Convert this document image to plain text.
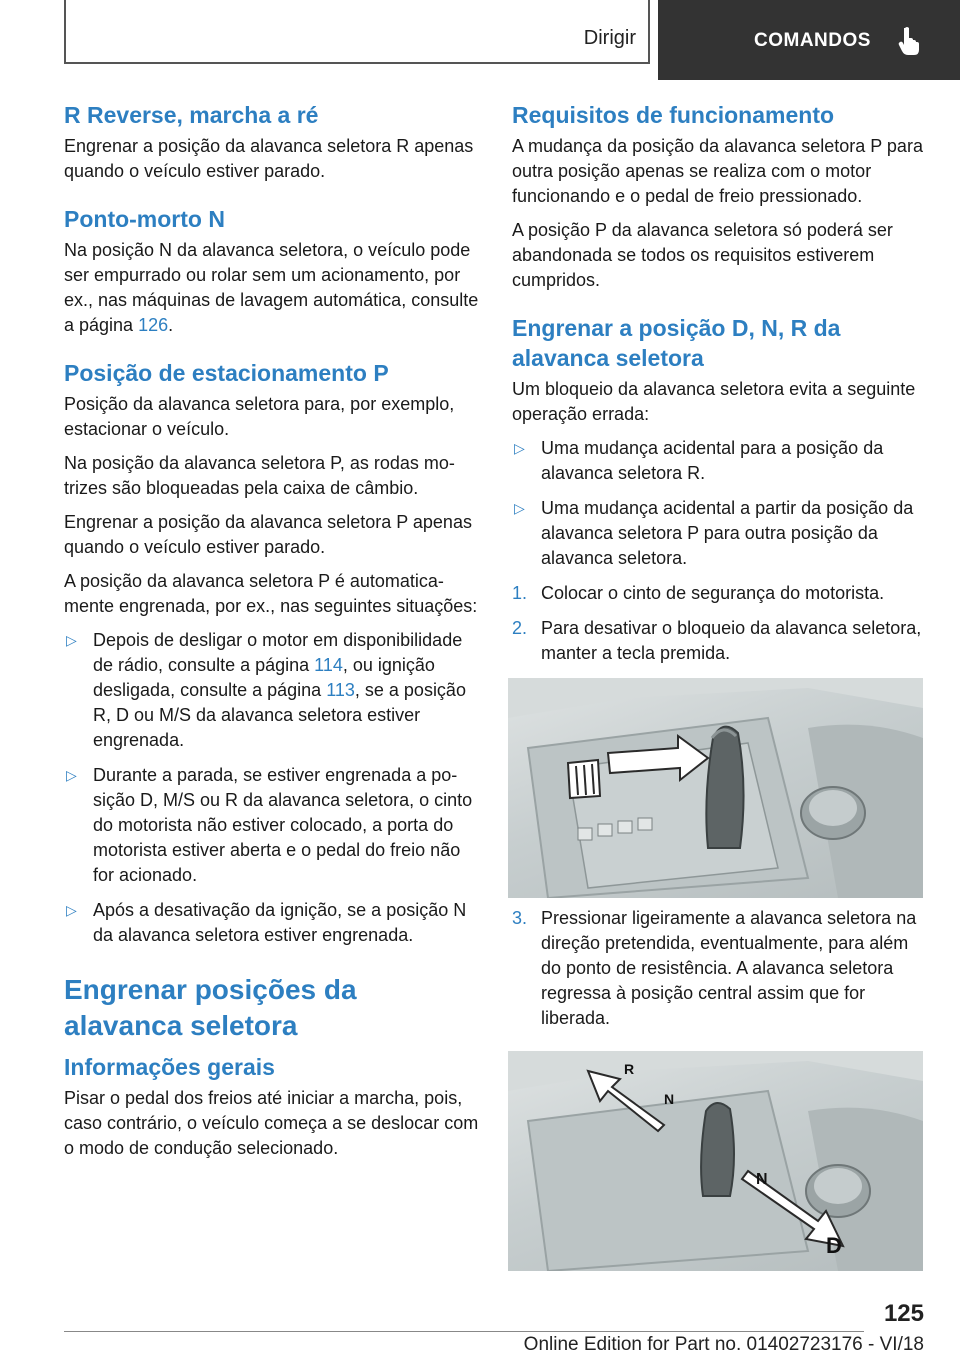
Dirigir	COMANDOS
R Reverse, marcha a ré

Engrenar a posição da alavanca seletora R apenas quando o veículo estiver parado.

Ponto-morto N

Na posição N da alavanca seletora, o veículo pode ser empurrado ou rolar sem um acionamento, por ex., nas máquinas de lavagem automática, consulte a página 126.

Posição de estacionamento P

Posição da alavanca seletora para, por exemplo, estacionar o veículo.

Na posição da alavanca seletora P, as rodas motrizes são bloqueadas pela caixa de câmbio.

Engrenar a posição da alavanca seletora P apenas quando o veículo estiver parado.

A posição da alavanca seletora P é automaticamente engrenada, por ex., nas seguintes situações:

▷ Depois de desligar o motor em disponibilidade de rádio, consulte a página 114, ou ignição desligada, consulte a página 113, se a posição R, D ou M/S da alavanca seletora estiver engrenada.
▷ Durante a parada, se estiver engrenada a posição D, M/S ou R da alavanca seletora, o cinto do motorista não estiver colocado, a porta do motorista estiver aberta e o pedal do freio não for acionado.
▷ Após a desativação da ignição, se a posição N da alavanca seletora estiver engrenada.
Engrenar posições da alavanca seletora
Informações gerais

Pisar o pedal dos freios até iniciar a marcha, pois, caso contrário, o veículo começa a se deslocar com o modo de condução selecionado.

Requisitos de funcionamento

A mudança da posição da alavanca seletora P para outra posição apenas se realiza com o motor funcionando e o pedal de freio pressionado.

A posição P da alavanca seletora só poderá ser abandonada se todos os requisitos estiverem cumpridos.

Engrenar a posição D, N, R da alavanca seletora

Um bloqueio da alavanca seletora evita a seguinte operação errada:

▷ Uma mudança acidental para a posição da alavanca seletora R.
▷ Uma mudança acidental a partir da posição da alavanca seletora P para outra posição da alavanca seletora.
1. Colocar o cinto de segurança do motorista.
2. Para desativar o bloqueio da alavanca seletora, manter a tecla premida.
3. Pressionar ligeiramente a alavanca seletora na direção pretendida, eventualmente, para além do ponto de resistência. A alavanca seletora regressa à posição central assim que for liberada.
R
N
N
D
125
Online Edition for Part no. 01402723176 - VI/18
